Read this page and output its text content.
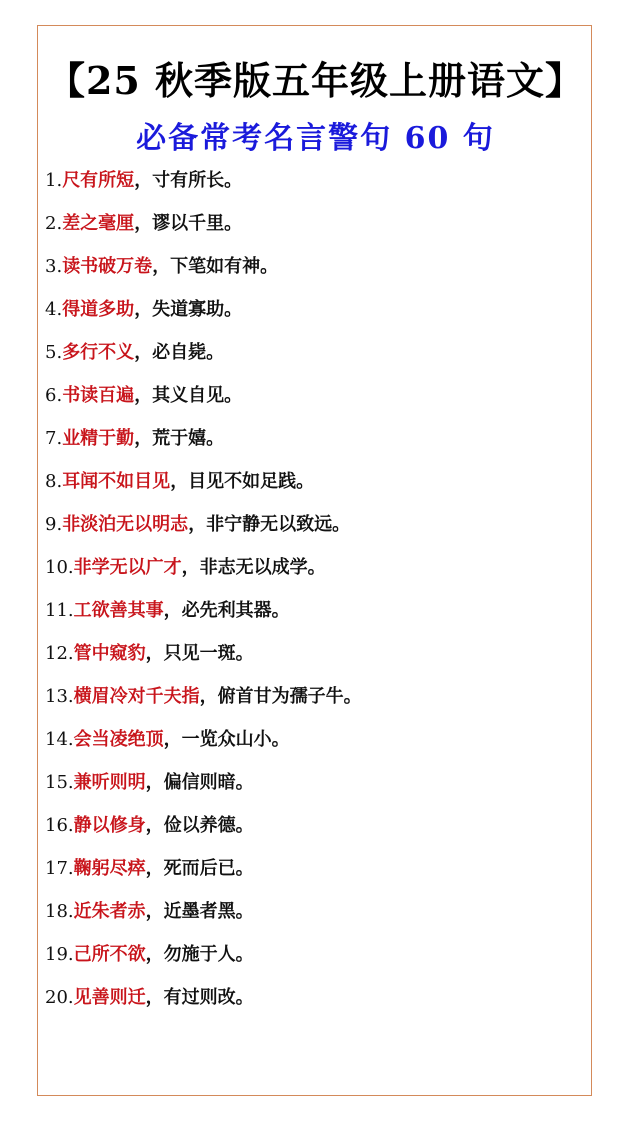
【25 秋季版五年级上册语文】
必备常考名言警句 60 句
1.尺有所短，寸有所长。
2.差之毫厘，谬以千里。
3.读书破万卷，下笔如有神。
4.得道多助，失道寡助。
5.多行不义，必自毙。
6.书读百遍，其义自见。
7.业精于勤，荒于嬉。
8.耳闻不如目见，目见不如足践。
9.非淡泊无以明志，非宁静无以致远。
10.非学无以广才，非志无以成学。
11.工欲善其事，必先利其器。
12.管中窥豹，只见一斑。
13.横眉冷对千夫指，俯首甘为孺子牛。
14.会当凌绝顶，一览众山小。
15.兼听则明，偏信则暗。
16.静以修身，俭以养德。
17.鞠躬尽瘁，死而后已。
18.近朱者赤，近墨者黑。
19.己所不欲，勿施于人。
20.见善则迁，有过则改。
